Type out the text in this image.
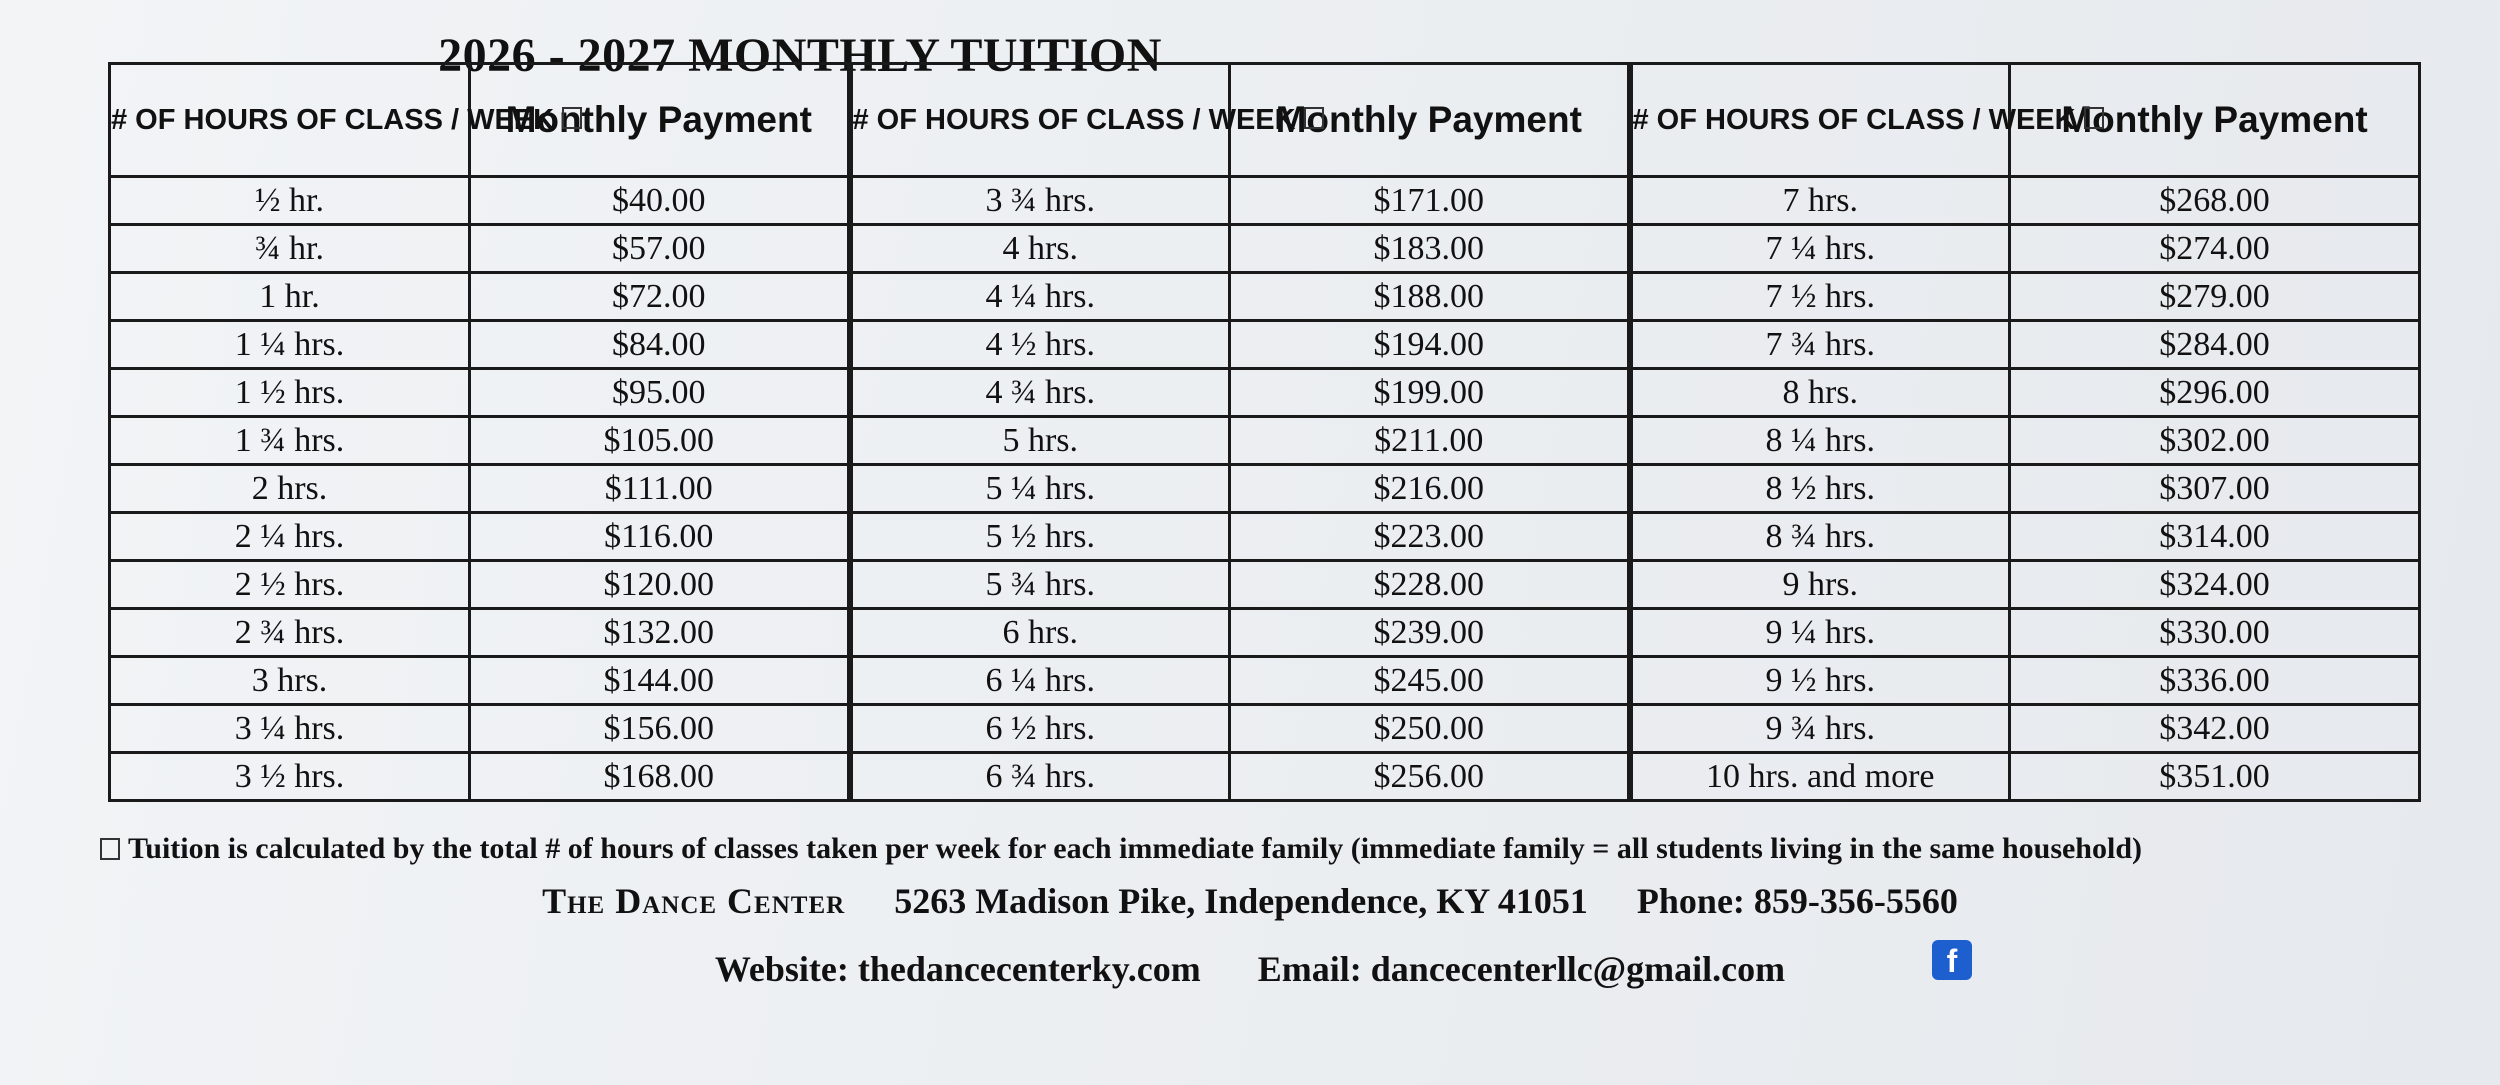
2026 - 2027 MONTHLY TUITION
# OF HOURS OF CLASS / WEEK	Monthly Payment	# OF HOURS OF CLASS / WEEK	Monthly Payment	# OF HOURS OF CLASS / WEEK	Monthly Payment
½ hr.	$40.00	3 ¾ hrs.	$171.00	7 hrs.	$268.00
¾ hr.	$57.00	4 hrs.	$183.00	7 ¼ hrs.	$274.00
1 hr.	$72.00	4 ¼ hrs.	$188.00	7 ½ hrs.	$279.00
1 ¼ hrs.	$84.00	4 ½ hrs.	$194.00	7 ¾ hrs.	$284.00
1 ½ hrs.	$95.00	4 ¾ hrs.	$199.00	8 hrs.	$296.00
1 ¾ hrs.	$105.00	5 hrs.	$211.00	8 ¼ hrs.	$302.00
2 hrs.	$111.00	5 ¼ hrs.	$216.00	8 ½ hrs.	$307.00
2 ¼ hrs.	$116.00	5 ½ hrs.	$223.00	8 ¾ hrs.	$314.00
2 ½ hrs.	$120.00	5 ¾ hrs.	$228.00	9 hrs.	$324.00
2 ¾ hrs.	$132.00	6 hrs.	$239.00	9 ¼ hrs.	$330.00
3 hrs.	$144.00	6 ¼ hrs.	$245.00	9 ½ hrs.	$336.00
3 ¼ hrs.	$156.00	6 ½ hrs.	$250.00	9 ¾ hrs.	$342.00
3 ½ hrs.	$168.00	6 ¾ hrs.	$256.00	10 hrs. and more	$351.00
Tuition is calculated by the total # of hours of classes taken per week for each immediate family (immediate family = all students living in the same household)
The Dance Center 5263 Madison Pike, Independence, KY 41051 Phone: 859-356-5560
Website: thedancecenterky.com Email: dancecenterllc@gmail.com	f
